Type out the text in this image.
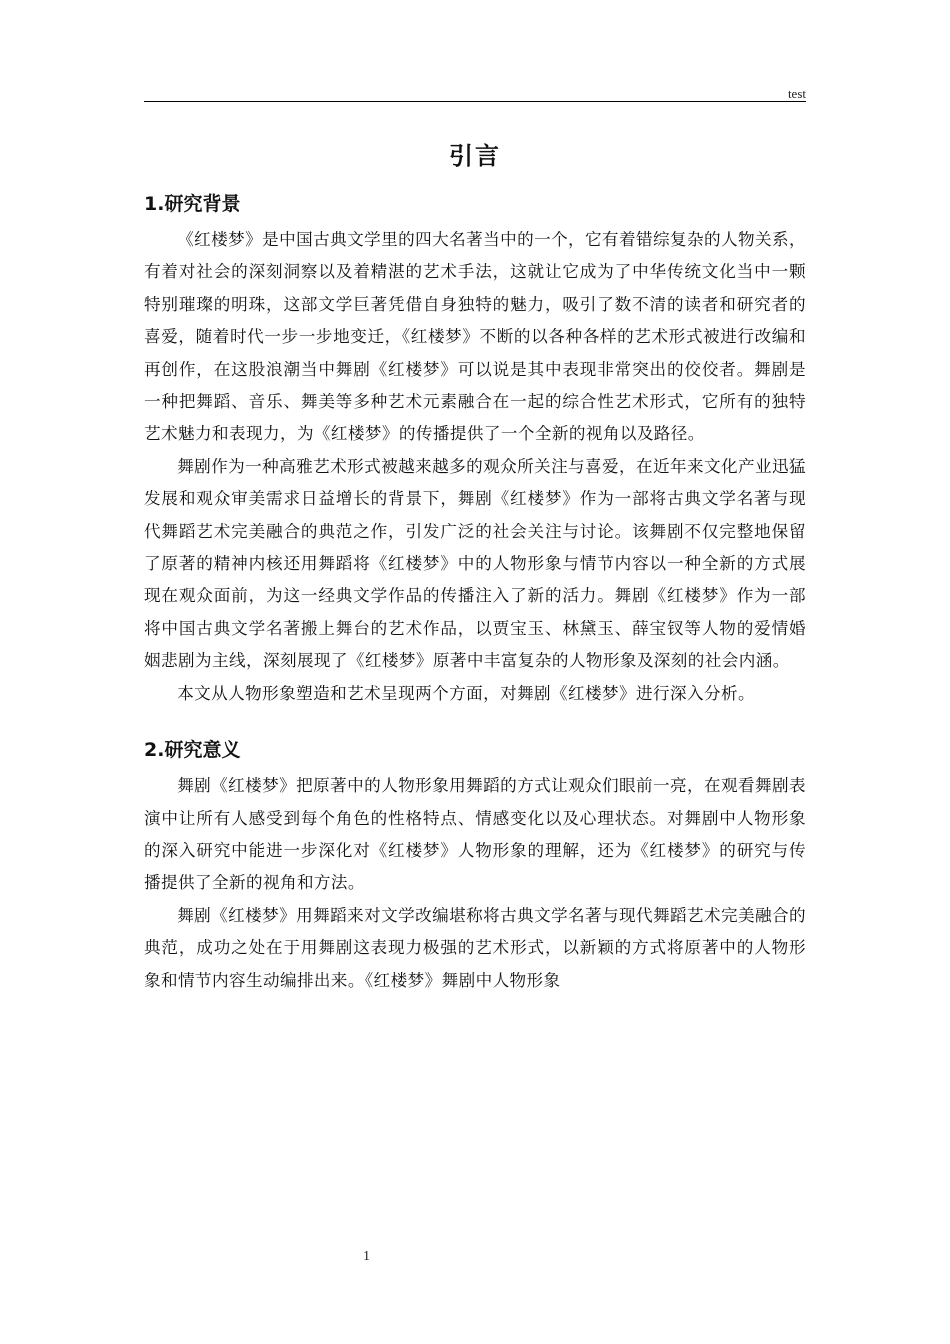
test
引言
1.研究背景

《红楼梦》是中国古典文学里的四大名著当中的一个，它有着错综复杂的人物关系，有着对社会的深刻洞察以及着精湛的艺术手法，这就让它成为了中华传统文化当中一颗特别璀璨的明珠，这部文学巨著凭借自身独特的魅力，吸引了数不清的读者和研究者的喜爱，随着时代一步一步地变迁，《红楼梦》不断的以各种各样的艺术形式被进行改编和再创作，在这股浪潮当中舞剧《红楼梦》可以说是其中表现非常突出的佼佼者。舞剧是一种把舞蹈、音乐、舞美等多种艺术元素融合在一起的综合性艺术形式，它所有的独特艺术魅力和表现力，为《红楼梦》的传播提供了一个全新的视角以及路径。

舞剧作为一种高雅艺术形式被越来越多的观众所关注与喜爱，在近年来文化产业迅猛发展和观众审美需求日益增长的背景下，舞剧《红楼梦》作为一部将古典文学名著与现代舞蹈艺术完美融合的典范之作，引发广泛的社会关注与讨论。该舞剧不仅完整地保留了原著的精神内核还用舞蹈将《红楼梦》中的人物形象与情节内容以一种全新的方式展现在观众面前，为这一经典文学作品的传播注入了新的活力。舞剧《红楼梦》作为一部将中国古典文学名著搬上舞台的艺术作品，以贾宝玉、林黛玉、薛宝钗等人物的爱情婚姻悲剧为主线，深刻展现了《红楼梦》原著中丰富复杂的人物形象及深刻的社会内涵。

本文从人物形象塑造和艺术呈现两个方面，对舞剧《红楼梦》进行深入分析。

2.研究意义

舞剧《红楼梦》把原著中的人物形象用舞蹈的方式让观众们眼前一亮，在观看舞剧表演中让所有人感受到每个角色的性格特点、情感变化以及心理状态。对舞剧中人物形象的深入研究中能进一步深化对《红楼梦》人物形象的理解，还为《红楼梦》的研究与传播提供了全新的视角和方法。

舞剧《红楼梦》用舞蹈来对文学改编堪称将古典文学名著与现代舞蹈艺术完美融合的典范，成功之处在于用舞剧这表现力极强的艺术形式，以新颖的方式将原著中的人物形象和情节内容生动编排出来。《红楼梦》舞剧中人物形象

1
